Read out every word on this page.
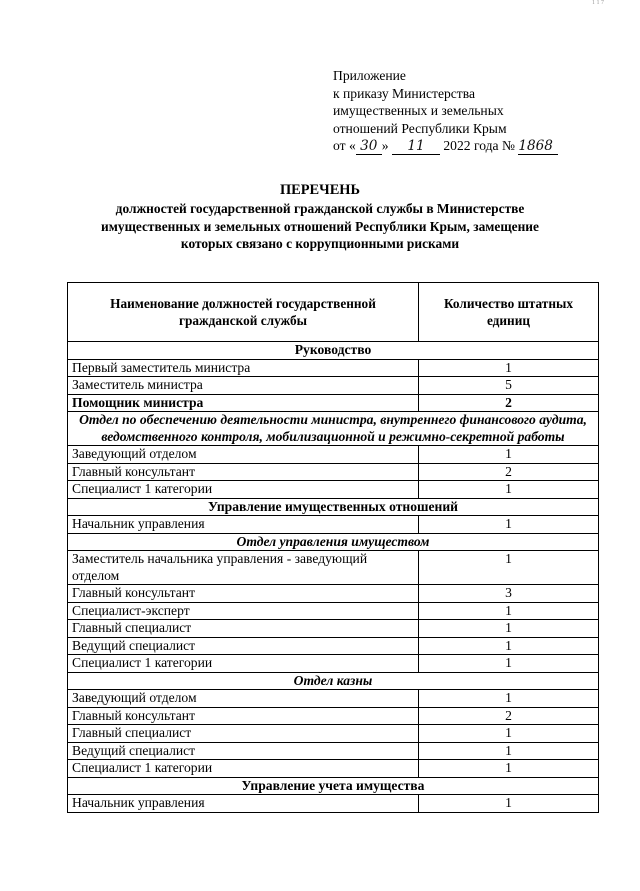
1 1 7
Приложение
к приказу Министерства
имущественных и земельных
отношений Республики Крым
от « 30 » 11 2022 года № 1868
ПЕРЕЧЕНЬ
должностей государственной гражданской службы в Министерстве
имущественных и земельных отношений Республики Крым, замещение
которых связано с коррупционными рисками
Наименование должностей государственной гражданской службы	Количество штатных единиц
Руководство	
Первый заместитель министра	1
Заместитель министра	5
Помощник министра	2
Отдел по обеспечению деятельности министра, внутреннего финансового аудита, ведомственного контроля, мобилизационной и режимно-секретной работы	
Заведующий отделом	1
Главный консультант	2
Специалист 1 категории	1
Управление имущественных отношений	
Начальник управления	1
Отдел управления имуществом	
Заместитель начальника управления - заведующий отделом	1
Главный консультант	3
Специалист-эксперт	1
Главный специалист	1
Ведущий специалист	1
Специалист 1 категории	1
Отдел казны	
Заведующий отделом	1
Главный консультант	2
Главный специалист	1
Ведущий специалист	1
Специалист 1 категории	1
Управление учета имущества	
Начальник управления	1
